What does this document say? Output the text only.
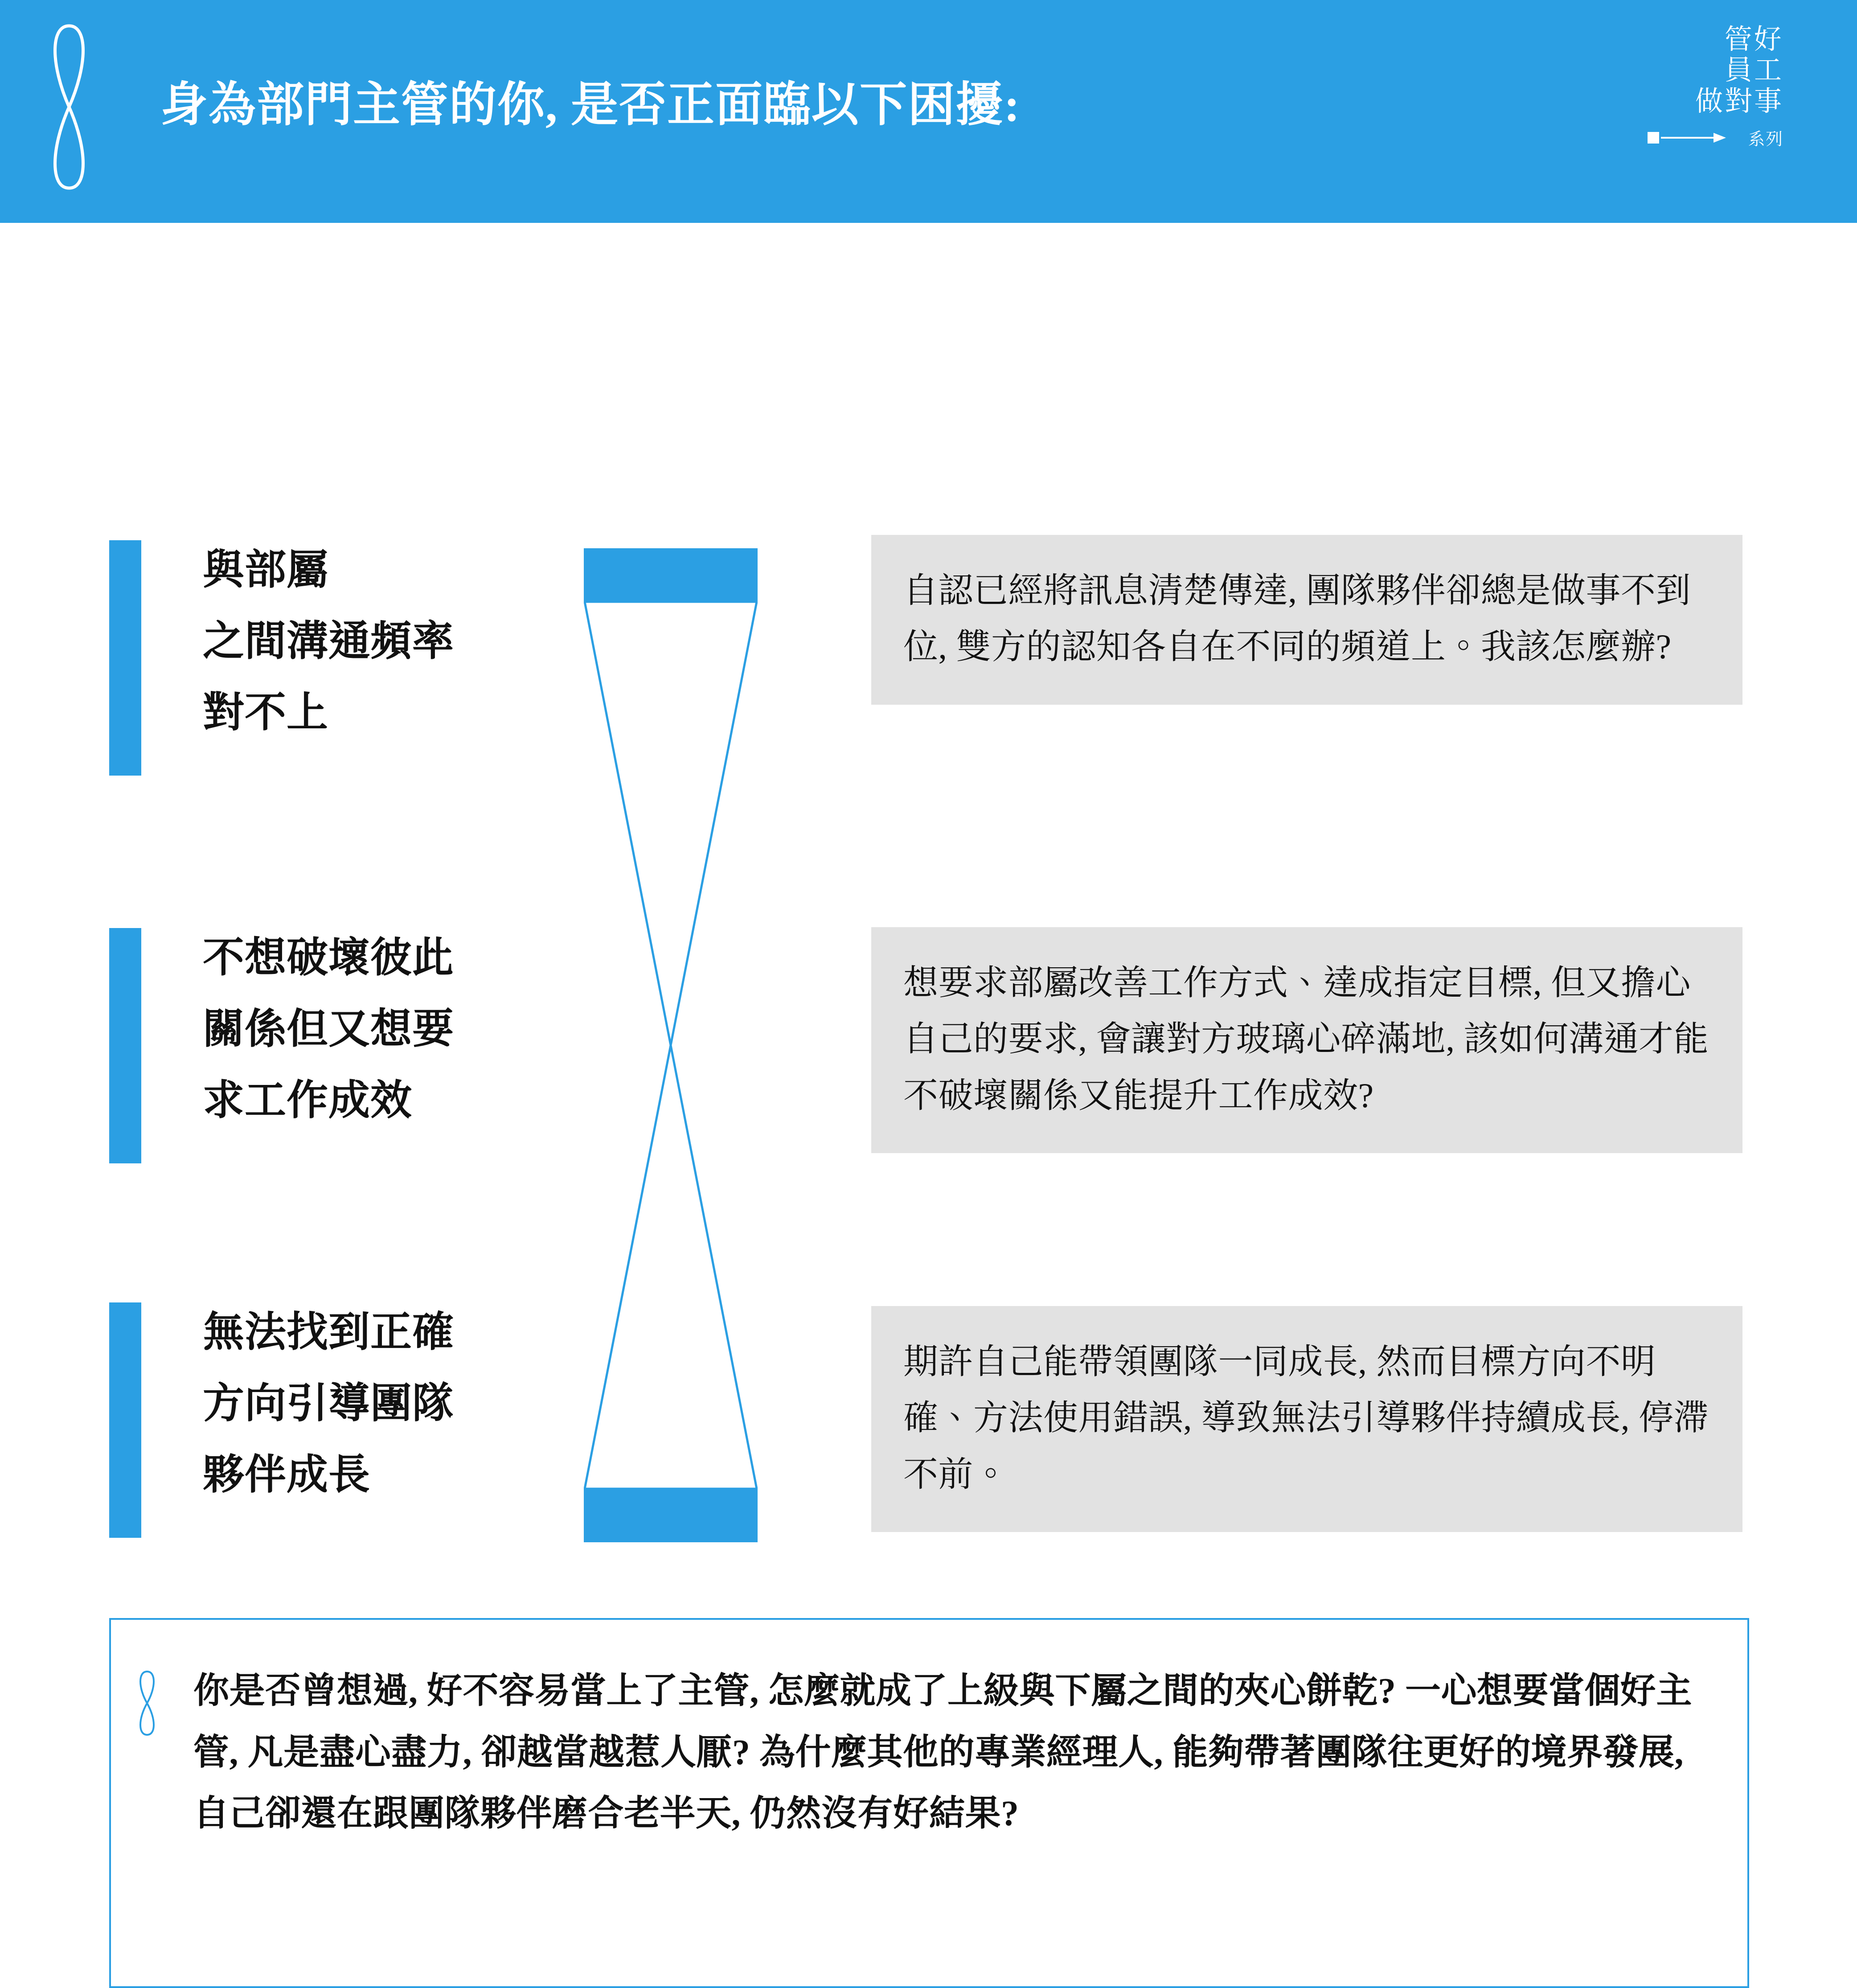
身為部門主管的你, 是否正面臨以下困擾:
管好
員工
做對事
系列
與部屬
之間溝通頻率
對不上
自認已經將訊息清楚傳達, 團隊夥伴卻總是做事不到位, 雙方的認知各自在不同的頻道上。我該怎麼辦?
不想破壞彼此
關係但又想要
求工作成效
想要求部屬改善工作方式、達成指定目標, 但又擔心自己的要求, 會讓對方玻璃心碎滿地, 該如何溝通才能不破壞關係又能提升工作成效?
無法找到正確
方向引導團隊
夥伴成長
期許自己能帶領團隊一同成長, 然而目標方向不明確、方法使用錯誤, 導致無法引導夥伴持續成長, 停滯不前。
你是否曾想過, 好不容易當上了主管, 怎麼就成了上級與下屬之間的夾心餅乾? 一心想要當個好主管, 凡是盡心盡力, 卻越當越惹人厭? 為什麼其他的專業經理人, 能夠帶著團隊往更好的境界發展, 自己卻還在跟團隊夥伴磨合老半天, 仍然沒有好結果?
